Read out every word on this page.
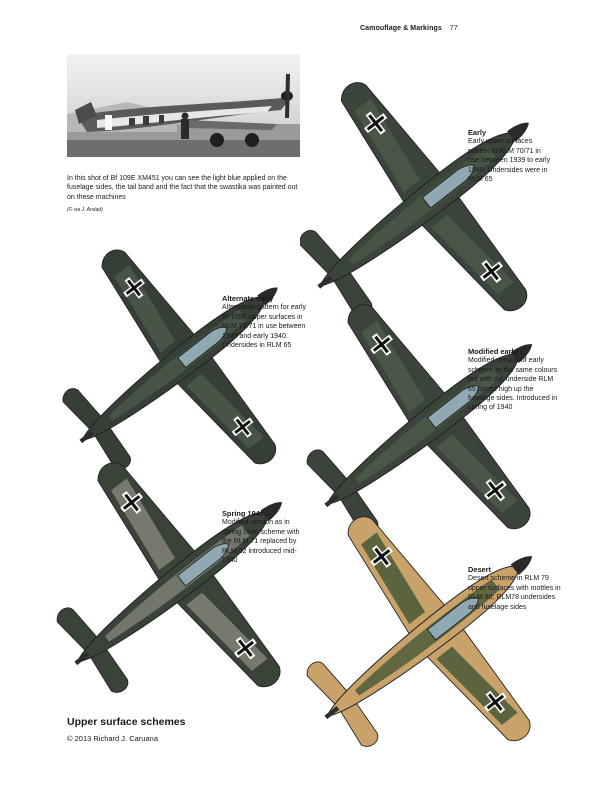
Camouflage & Markings 77
In this shot of Bf 109E XM451 you can see the light blue applied on the fuselage sides, the tail band and the fact that the swastika was painted out on these machines
(© via J. Arstad)
Early
Early upper surfaces pattern in RLM 70/71 in use between 1939 to early 1940. Undersides were in RLM 65
Alternate early
Alternative pattern for early Bf 109E upper surfaces in RLM 70/71 in use between 1939 and early 1940. Undersides in RLM 65
Modified early
Modified version of early scheme, in the same colours but with the underside RLM 65 raised high up the fuselage sides. Introduced in spring of 1940
Spring 1940
Modified version as in spring 1940 scheme with the RLM 71 replaced by RLM 02 introduced mid-1940
Desert
Desert scheme in RLM 79 upper surfaces with mottles in RLM 80; RLM78 undersides and fuselage sides
Upper surface schemes
© 2013 Richard J. Caruana
